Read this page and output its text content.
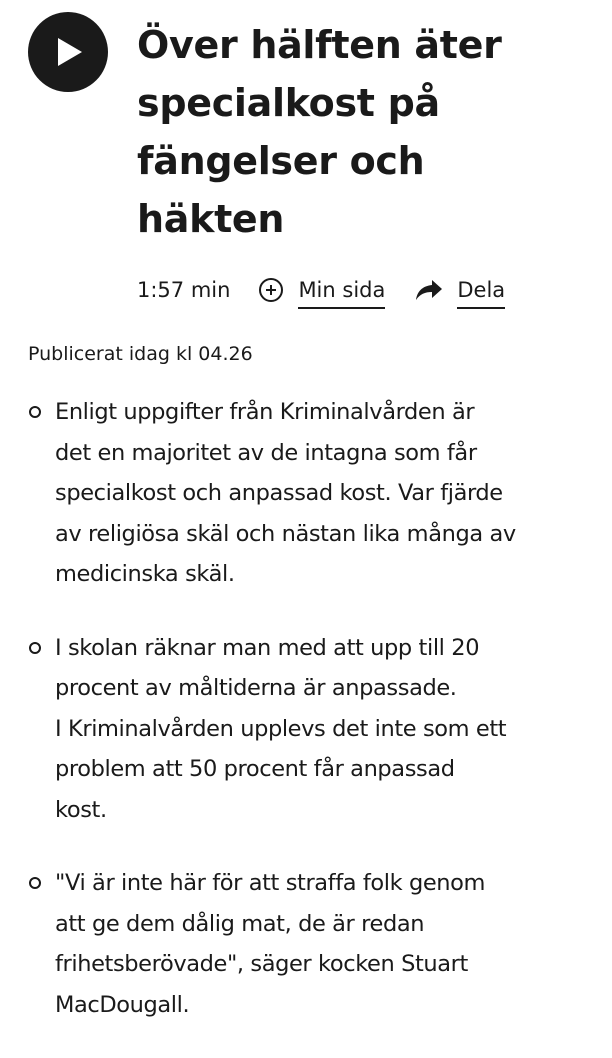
Över hälften äter
specialkost på
fängelser och
häkten
1:57 min	Min sida	Dela

Publicerat idag kl 04.26

Enligt uppgifter från Kriminalvården är
det en majoritet av de intagna som får
specialkost och anpassad kost. Var fjärde
av religiösa skäl och nästan lika många av
medicinska skäl.
I skolan räknar man med att upp till 20
procent av måltiderna är anpassade.
I Kriminalvården upplevs det inte som ett
problem att 50 procent får anpassad
kost.
"Vi är inte här för att straffa folk genom
att ge dem dålig mat, de är redan
frihetsberövade", säger kocken Stuart
MacDougall.
